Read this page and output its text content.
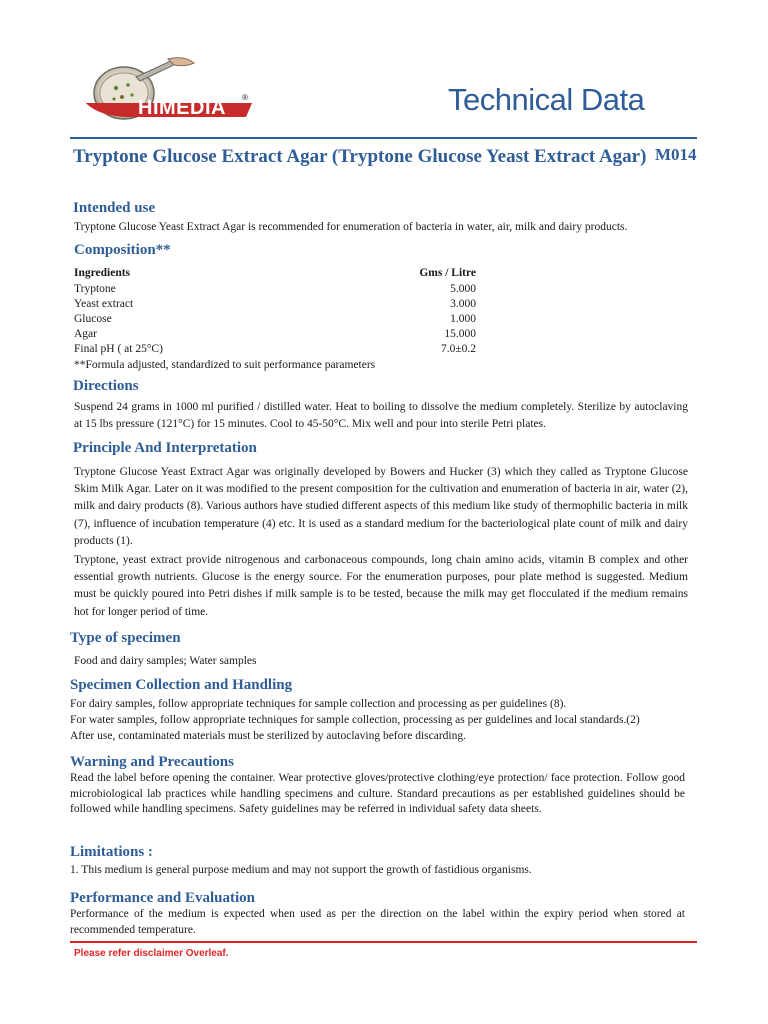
HIMEDIA ®	Technical Data
Tryptone Glucose Extract Agar (Tryptone Glucose Yeast Extract Agar) M014
Intended use
Tryptone Glucose Yeast Extract Agar is recommended for enumeration of bacteria in water, air, milk and dairy products.
Composition**
Ingredients	Gms / Litre
Tryptone	5.000
Yeast extract	3.000
Glucose	1.000
Agar	15.000
Final pH ( at 25°C)	7.0±0.2
**Formula adjusted, standardized to suit performance parameters
Directions
Suspend 24 grams in 1000 ml purified / distilled water. Heat to boiling to dissolve the medium completely. Sterilize by autoclaving at 15 lbs pressure (121°C) for 15 minutes. Cool to 45-50°C. Mix well and pour into sterile Petri plates.
Principle And Interpretation
Tryptone Glucose Yeast Extract Agar was originally developed by Bowers and Hucker (3) which they called as Tryptone Glucose Skim Milk Agar. Later on it was modified to the present composition for the cultivation and enumeration of bacteria in air, water (2), milk and dairy products (8). Various authors have studied different aspects of this medium like study of thermophilic bacteria in milk (7), influence of incubation temperature (4) etc. It is used as a standard medium for the bacteriological plate count of milk and dairy products (1).
Tryptone, yeast extract provide nitrogenous and carbonaceous compounds, long chain amino acids, vitamin B complex and other essential growth nutrients. Glucose is the energy source. For the enumeration purposes, pour plate method is suggested. Medium must be quickly poured into Petri dishes if milk sample is to be tested, because the milk may get flocculated if the medium remains hot for longer period of time.
Type of specimen
Food and dairy samples; Water samples
Specimen Collection and Handling
For dairy samples, follow appropriate techniques for sample collection and processing as per guidelines (8).
For water samples, follow appropriate techniques for sample collection, processing as per guidelines and local standards.(2)
After use, contaminated materials must be sterilized by autoclaving before discarding.
Warning and Precautions
Read the label before opening the container. Wear protective gloves/protective clothing/eye protection/ face protection. Follow good microbiological lab practices while handling specimens and culture. Standard precautions as per established guidelines should be followed while handling specimens. Safety guidelines may be referred in individual safety data sheets.
Limitations :
1. This medium is general purpose medium and may not support the growth of fastidious organisms.
Performance and Evaluation
Performance of the medium is expected when used as per the direction on the label within the expiry period when stored at recommended temperature.
Please refer disclaimer Overleaf.
